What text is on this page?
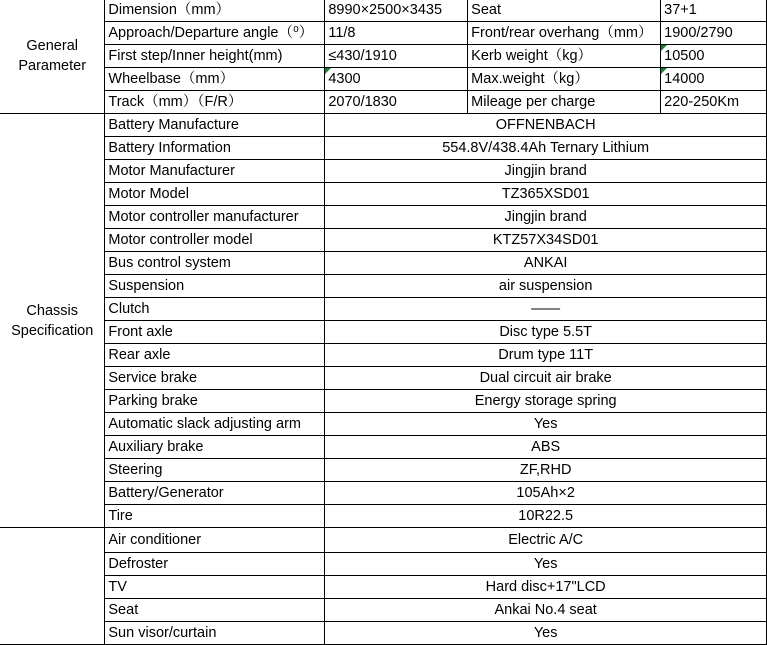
General Parameter	Dimension（mm）	8990×2500×3435	Seat	37+1
	Approach/Departure angle（⁰）	11/8	Front/rear overhang（mm）	1900/2790
	First step/Inner height(mm)	≤430/1910	Kerb weight（kg）	10500
	Wheelbase（mm）	4300	Max.weight（kg）	14000
	Track（mm）（F/R）	2070/1830	Mileage per charge	220-250Km
Chassis Specification	Battery Manufacture	OFFNENBACH		
	Battery Information	554.8V/438.4Ah Ternary Lithium		
	Motor Manufacturer	Jingjin brand		
	Motor Model	TZ365XSD01		
	Motor controller manufacturer	Jingjin brand		
	Motor controller model	KTZ57X34SD01		
	Bus control system	ANKAI		
	Suspension	air suspension		
	Clutch	——		
	Front axle	Disc type 5.5T		
	Rear axle	Drum type 11T		
	Service brake	Dual circuit air brake		
	Parking brake	Energy storage spring		
	Automatic slack adjusting arm	Yes		
	Auxiliary brake	ABS		
	Steering	ZF,RHD		
	Battery/Generator	105Ah×2		
	Tire	10R22.5		
	Air conditioner	Electric A/C		
	Defroster	Yes		
	TV	Hard disc+17"LCD		
	Seat	Ankai No.4 seat		
	Sun visor/curtain	Yes		
